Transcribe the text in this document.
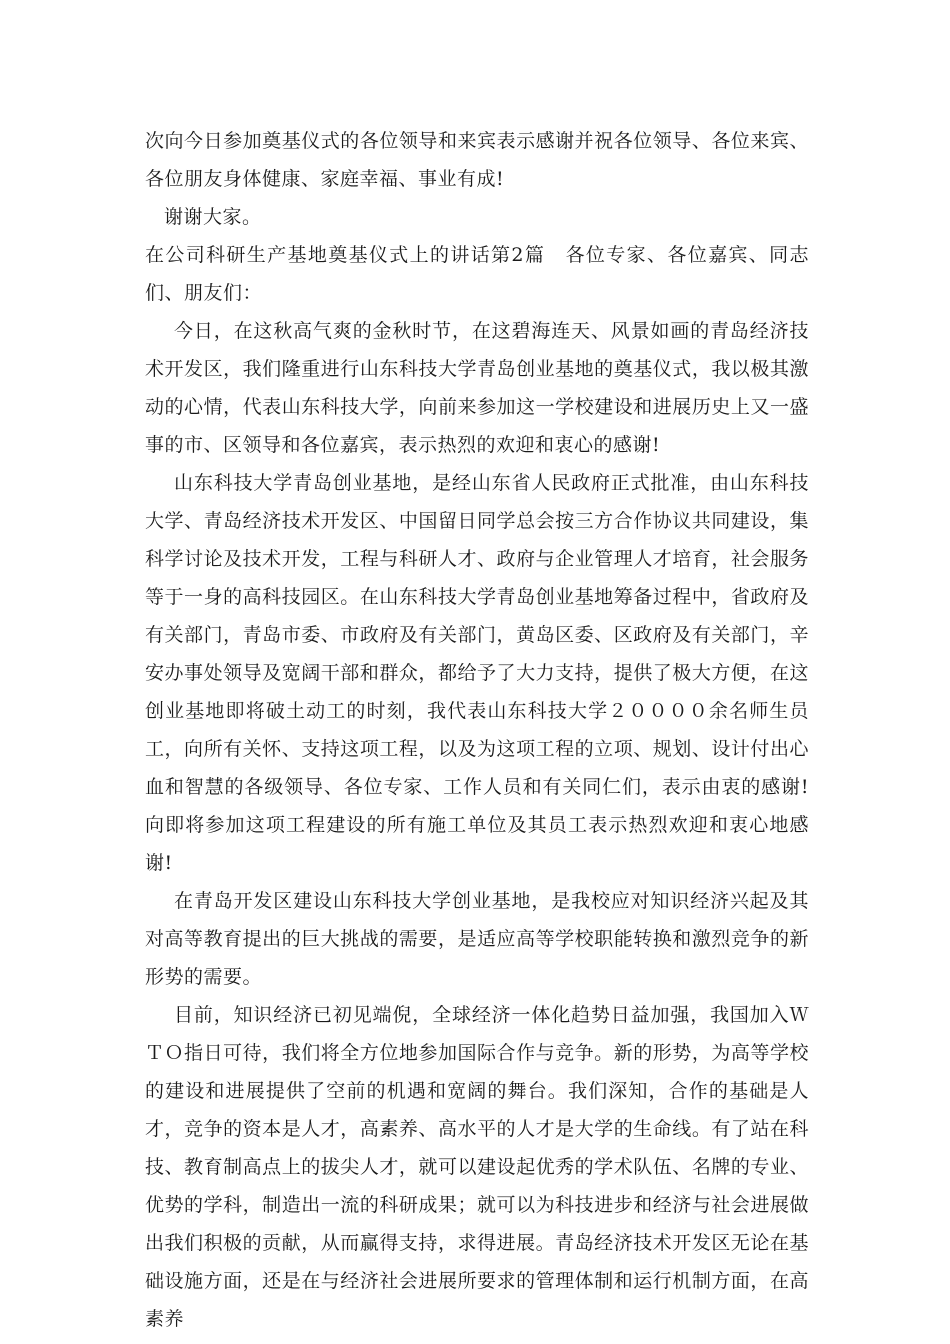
次向今日参加奠基仪式的各位领导和来宾表示感谢并祝各位领导、各位来宾、各位朋友身体健康、家庭幸福、事业有成!

谢谢大家。

在公司科研生产基地奠基仪式上的讲话第2篇　各位专家、各位嘉宾、同志们、朋友们：

今日，在这秋高气爽的金秋时节，在这碧海连天、风景如画的青岛经济技术开发区，我们隆重进行山东科技大学青岛创业基地的奠基仪式，我以极其激动的心情，代表山东科技大学，向前来参加这一学校建设和进展历史上又一盛事的市、区领导和各位嘉宾，表示热烈的欢迎和衷心的感谢!

山东科技大学青岛创业基地，是经山东省人民政府正式批准，由山东科技大学、青岛经济技术开发区、中国留日同学总会按三方合作协议共同建设，集科学讨论及技术开发，工程与科研人才、政府与企业管理人才培育，社会服务等于一身的高科技园区。在山东科技大学青岛创业基地筹备过程中，省政府及有关部门，青岛市委、市政府及有关部门，黄岛区委、区政府及有关部门，辛安办事处领导及宽阔干部和群众，都给予了大力支持，提供了极大方便，在这创业基地即将破土动工的时刻，我代表山东科技大学２００００余名师生员工，向所有关怀、支持这项工程，以及为这项工程的立项、规划、设计付出心血和智慧的各级领导、各位专家、工作人员和有关同仁们，表示由衷的感谢!向即将参加这项工程建设的所有施工单位及其员工表示热烈欢迎和衷心地感谢!

在青岛开发区建设山东科技大学创业基地，是我校应对知识经济兴起及其对高等教育提出的巨大挑战的需要，是适应高等学校职能转换和激烈竞争的新形势的需要。

目前，知识经济已初见端倪，全球经济一体化趋势日益加强，我国加入ＷＴＯ指日可待，我们将全方位地参加国际合作与竞争。新的形势，为高等学校的建设和进展提供了空前的机遇和宽阔的舞台。我们深知，合作的基础是人才，竞争的资本是人才，高素养、高水平的人才是大学的生命线。有了站在科技、教育制高点上的拔尖人才，就可以建设起优秀的学术队伍、名牌的专业、优势的学科，制造出一流的科研成果；就可以为科技进步和经济与社会进展做出我们积极的贡献，从而赢得支持，求得进展。青岛经济技术开发区无论在基础设施方面，还是在与经济社会进展所要求的管理体制和运行机制方面，在高素养
